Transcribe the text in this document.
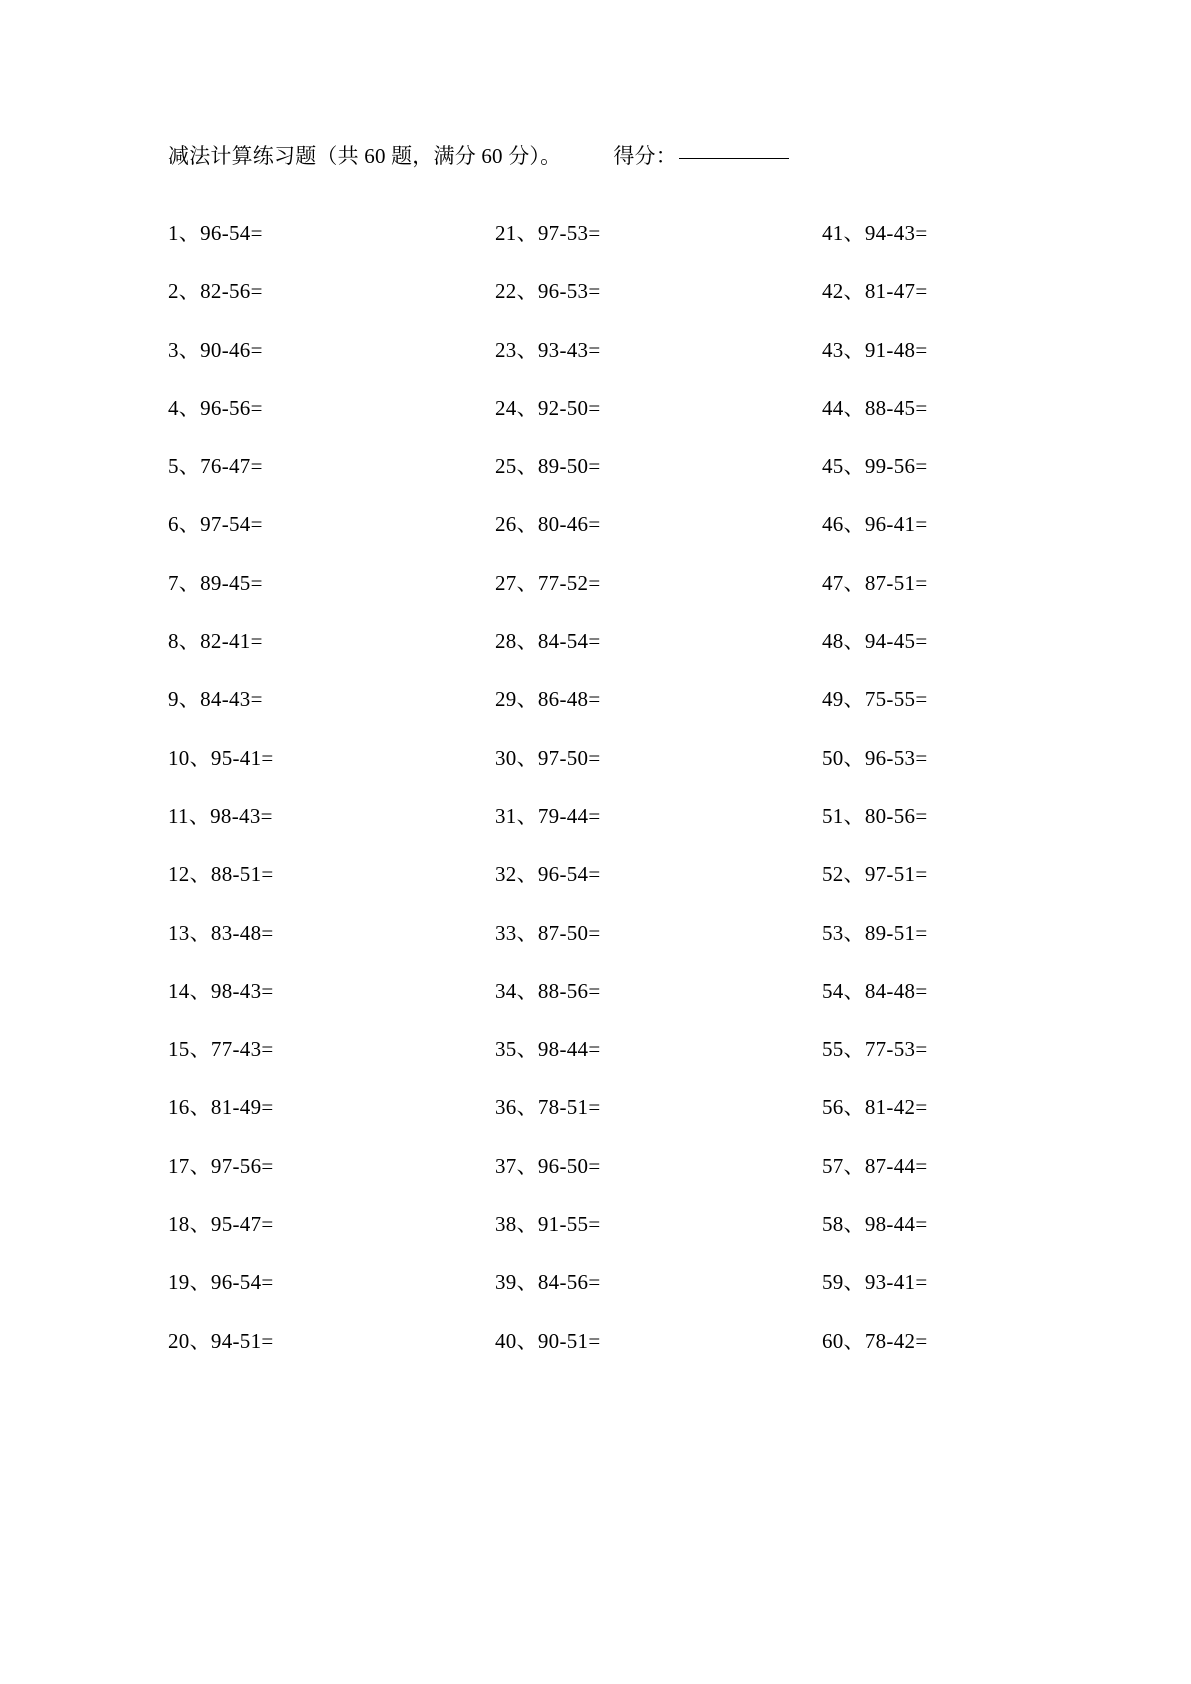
减法计算练习题（共 60 题，满分 60 分）。 得分：
1、96-54=
2、82-56=
3、90-46=
4、96-56=
5、76-47=
6、97-54=
7、89-45=
8、82-41=
9、84-43=
10、95-41=
11、98-43=
12、88-51=
13、83-48=
14、98-43=
15、77-43=
16、81-49=
17、97-56=
18、95-47=
19、96-54=
20、94-51=
21、97-53=
22、96-53=
23、93-43=
24、92-50=
25、89-50=
26、80-46=
27、77-52=
28、84-54=
29、86-48=
30、97-50=
31、79-44=
32、96-54=
33、87-50=
34、88-56=
35、98-44=
36、78-51=
37、96-50=
38、91-55=
39、84-56=
40、90-51=
41、94-43=
42、81-47=
43、91-48=
44、88-45=
45、99-56=
46、96-41=
47、87-51=
48、94-45=
49、75-55=
50、96-53=
51、80-56=
52、97-51=
53、89-51=
54、84-48=
55、77-53=
56、81-42=
57、87-44=
58、98-44=
59、93-41=
60、78-42=
